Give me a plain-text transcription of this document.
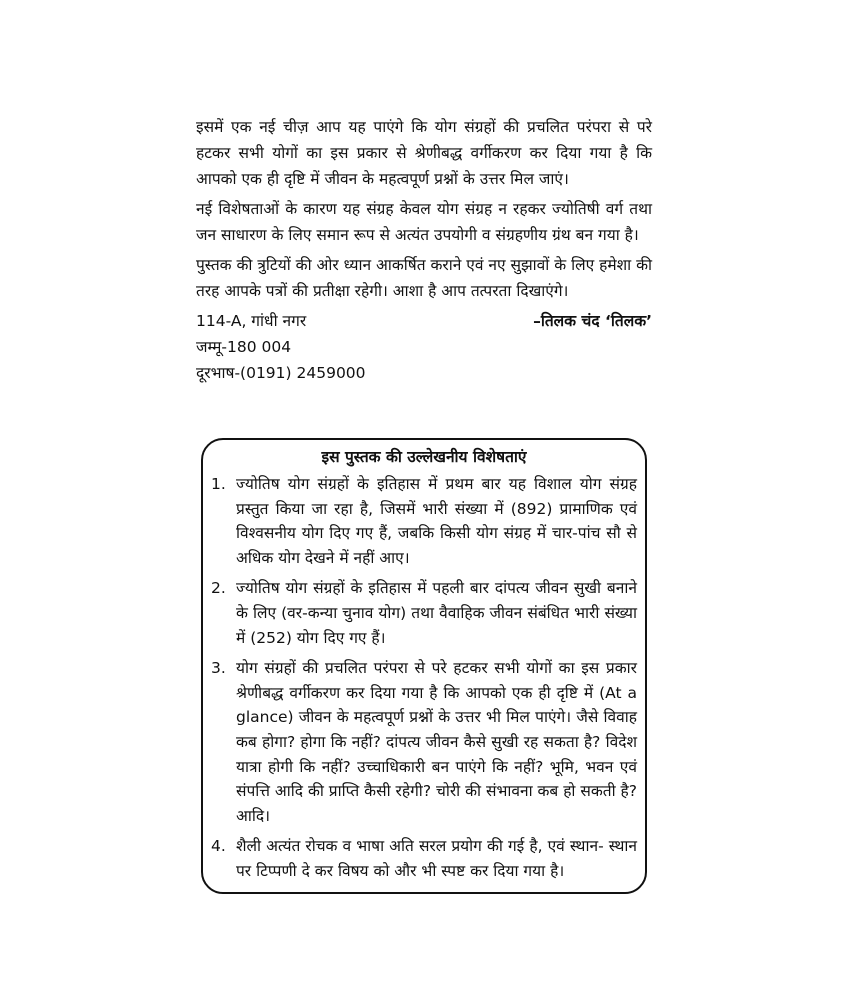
इसमें एक नई चीज़ आप यह पाएंगे कि योग संग्रहों की प्रचलित परंपरा से परे हटकर सभी योगों का इस प्रकार से श्रेणीबद्ध वर्गीकरण कर दिया गया है कि आपको एक ही दृष्टि में जीवन के महत्वपूर्ण प्रश्नों के उत्तर मिल जाएं।

नई विशेषताओं के कारण यह संग्रह केवल योग संग्रह न रहकर ज्योतिषी वर्ग तथा जन साधारण के लिए समान रूप से अत्यंत उपयोगी व संग्रहणीय ग्रंथ बन गया है।

पुस्तक की त्रुटियों की ओर ध्यान आकर्षित कराने एवं नए सुझावों के लिए हमेशा की तरह आपके पत्रों की प्रतीक्षा रहेगी। आशा है आप तत्परता दिखाएंगे।

114-A, गांधी नगर	–तिलक चंद ‘तिलक’
जम्मू-180 004
दूरभाष-(0191) 2459000
इस पुस्तक की उल्लेखनीय विशेषताएं
1. ज्योतिष योग संग्रहों के इतिहास में प्रथम बार यह विशाल योग संग्रह प्रस्तुत किया जा रहा है, जिसमें भारी संख्या में (892) प्रामाणिक एवं विश्वसनीय योग दिए गए हैं, जबकि किसी योग संग्रह में चार-पांच सौ से अधिक योग देखने में नहीं आए।
2. ज्योतिष योग संग्रहों के इतिहास में पहली बार दांपत्य जीवन सुखी बनाने के लिए (वर-कन्या चुनाव योग) तथा वैवाहिक जीवन संबंधित भारी संख्या में (252) योग दिए गए हैं।
3. योग संग्रहों की प्रचलित परंपरा से परे हटकर सभी योगों का इस प्रकार श्रेणीबद्ध वर्गीकरण कर दिया गया है कि आपको एक ही दृष्टि में (At a glance) जीवन के महत्वपूर्ण प्रश्नों के उत्तर भी मिल पाएंगे। जैसे विवाह कब होगा? होगा कि नहीं? दांपत्य जीवन कैसे सुखी रह सकता है? विदेश यात्रा होगी कि नहीं? उच्चाधिकारी बन पाएंगे कि नहीं? भूमि, भवन एवं संपत्ति आदि की प्राप्ति कैसी रहेगी? चोरी की संभावना कब हो सकती है? आदि।
4. शैली अत्यंत रोचक व भाषा अति सरल प्रयोग की गई है, एवं स्थान- स्थान पर टिप्पणी दे कर विषय को और भी स्पष्ट कर दिया गया है।
